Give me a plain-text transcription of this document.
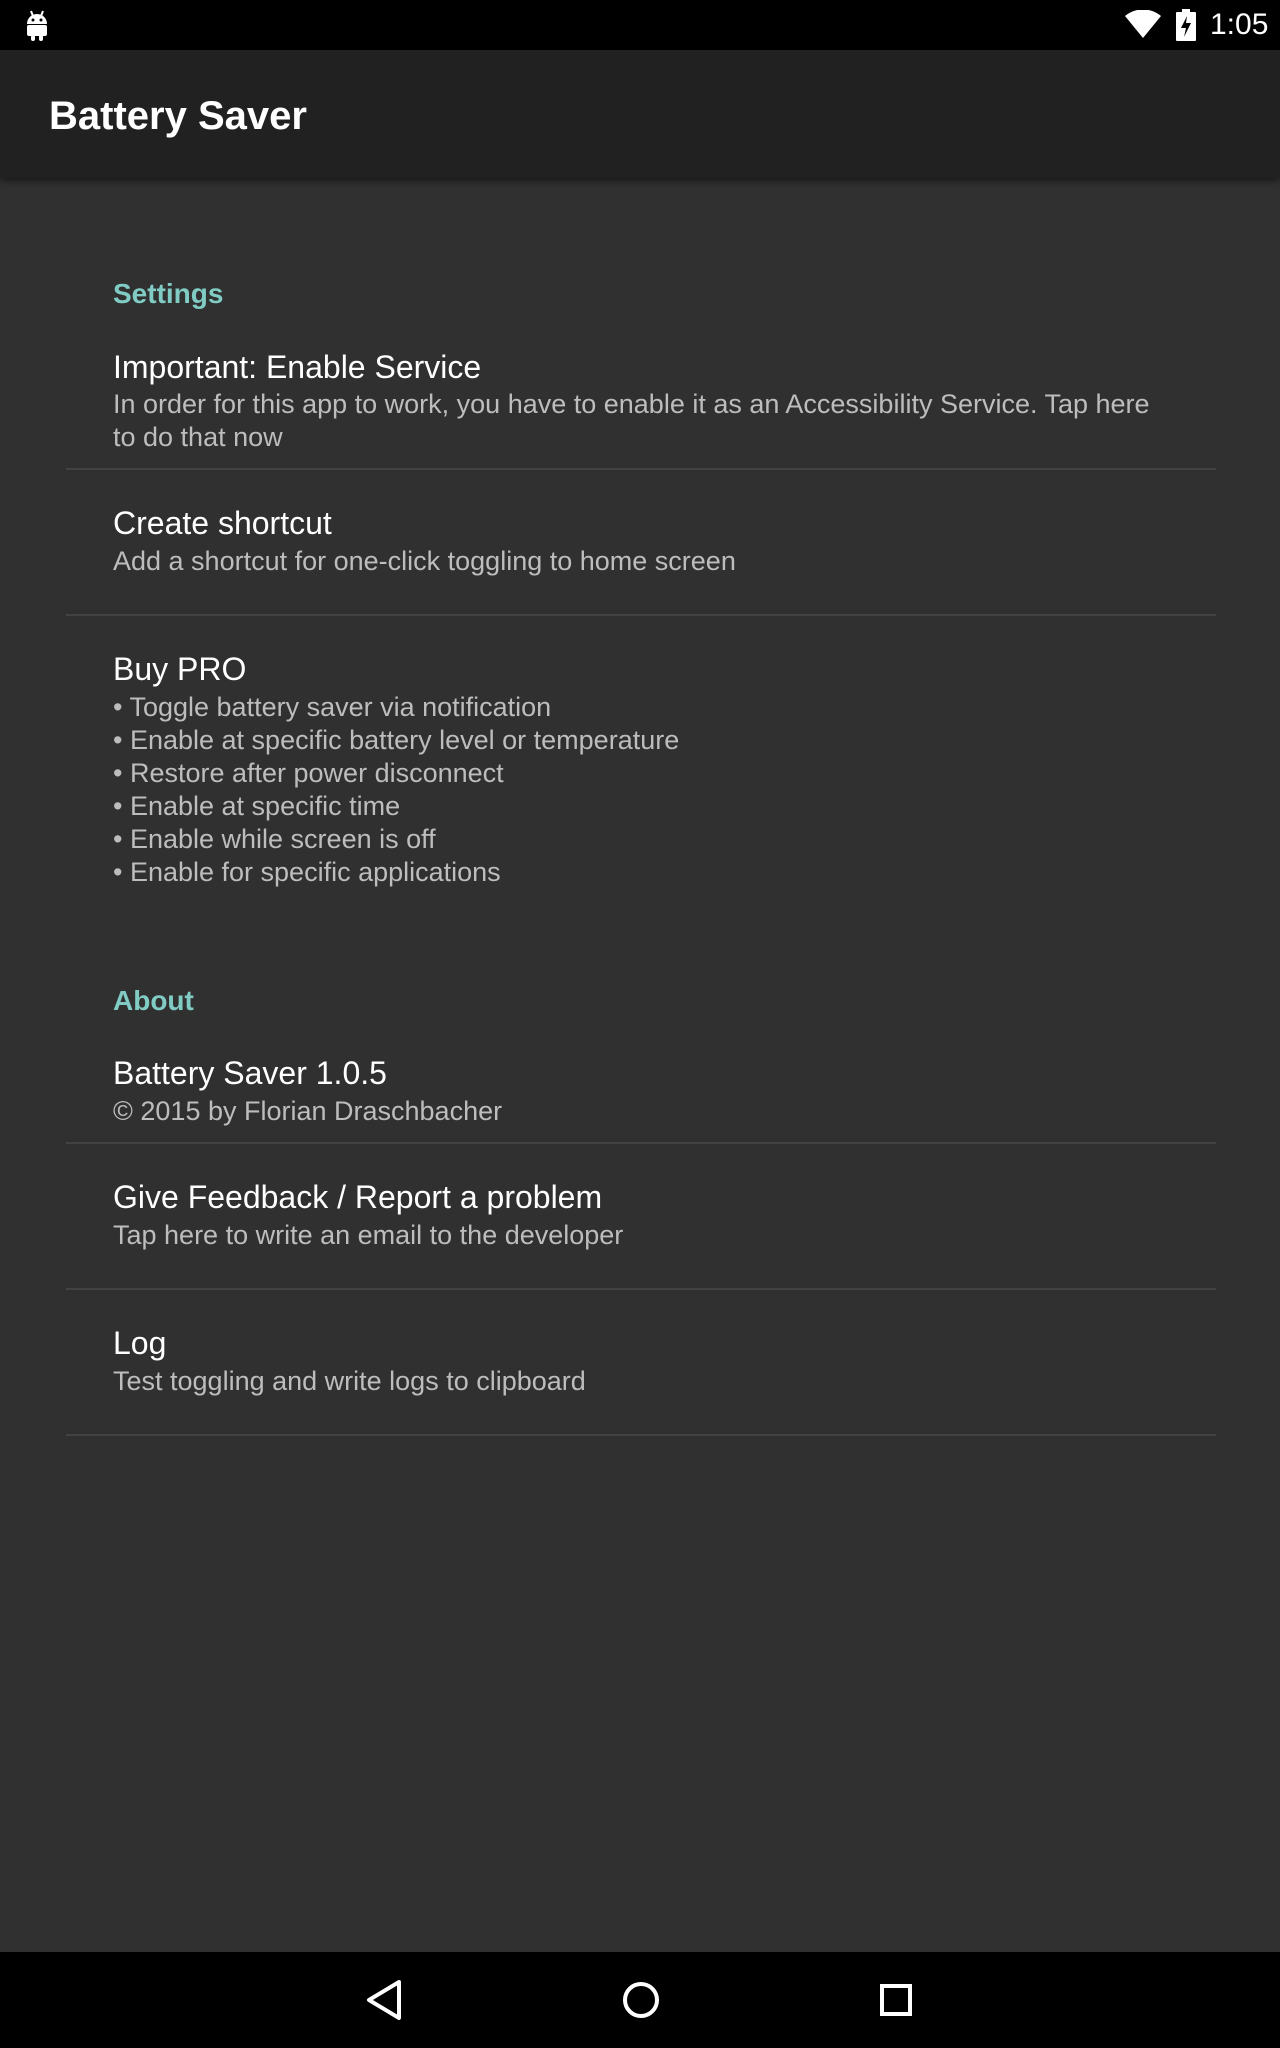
1:05
Battery Saver
Settings
Important: Enable Service
In order for this app to work, you have to enable it as an Accessibility Service. Tap here to do that now
Create shortcut
Add a shortcut for one-click toggling to home screen
Buy PRO
• Toggle battery saver via notification
• Enable at specific battery level or temperature
• Restore after power disconnect
• Enable at specific time
• Enable while screen is off
• Enable for specific applications
About
Battery Saver 1.0.5
© 2015 by Florian Draschbacher
Give Feedback / Report a problem
Tap here to write an email to the developer
Log
Test toggling and write logs to clipboard
